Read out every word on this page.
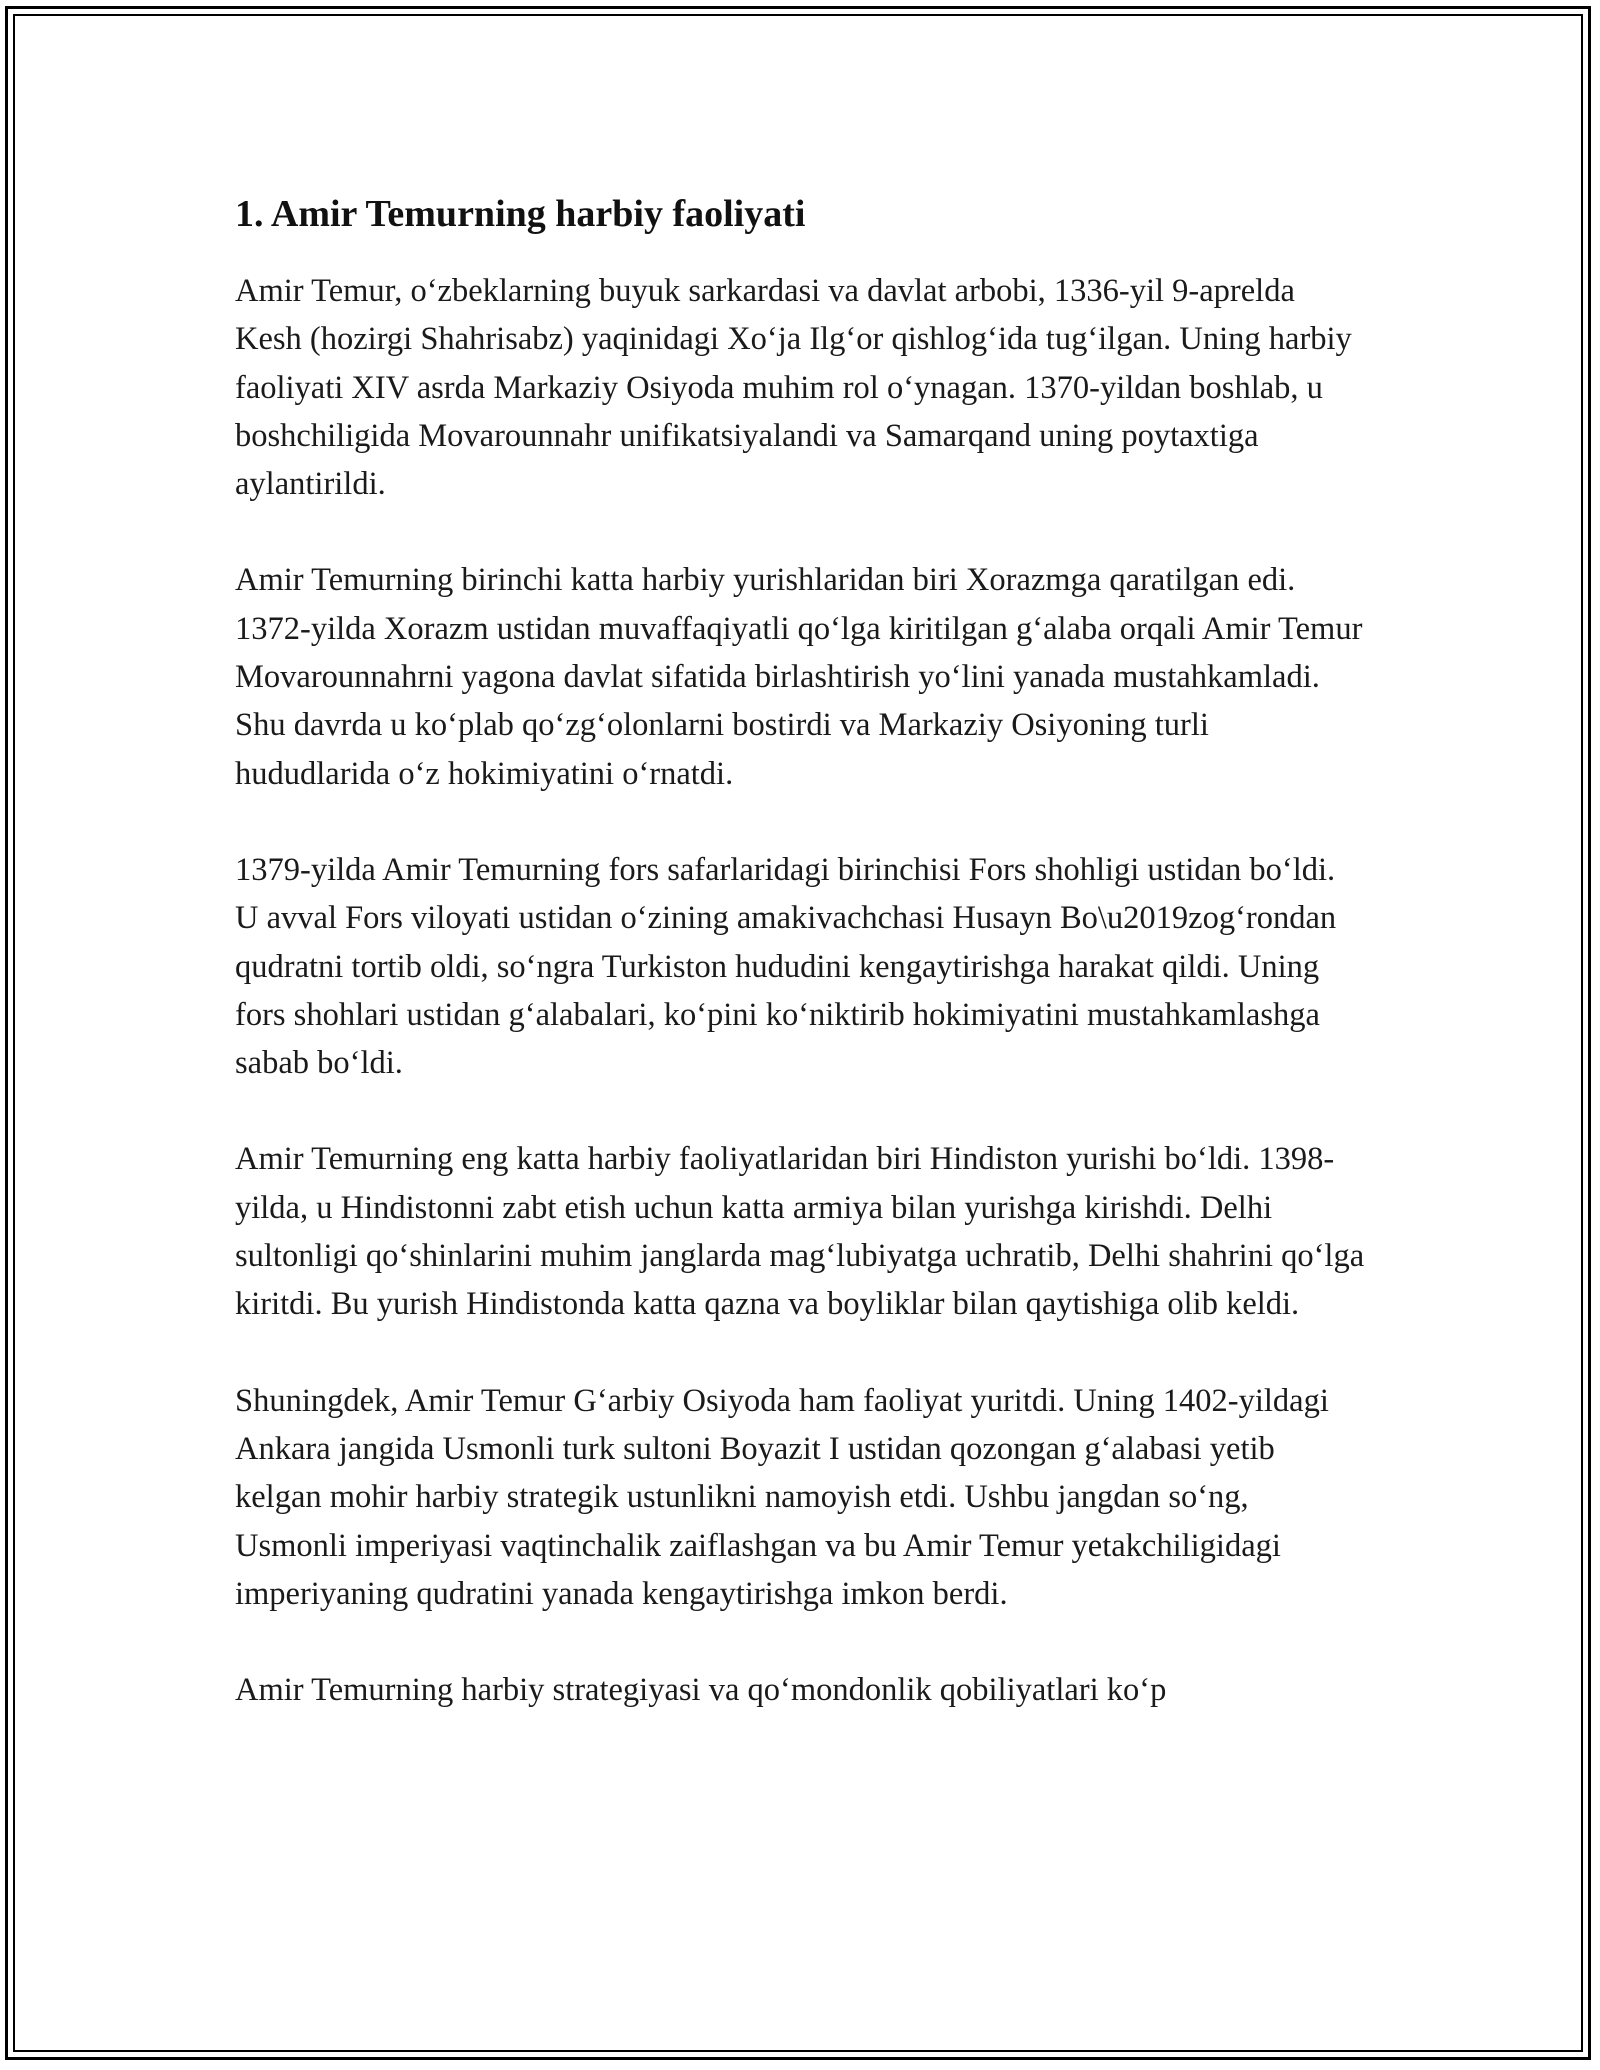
1. Amir Temurning harbiy faoliyati

Amir Temur, o‘zbeklarning buyuk sarkardasi va davlat arbobi, 1336-yil 9-aprelda Kesh (hozirgi Shahrisabz) yaqinidagi Xo‘ja Ilg‘or qishlog‘ida tug‘ilgan. Uning harbiy faoliyati XIV asrda Markaziy Osiyoda muhim rol o‘ynagan. 1370-yildan boshlab, u boshchiligida Movarounnahr unifikatsiyalandi va Samarqand uning poytaxtiga aylantirildi.

Amir Temurning birinchi katta harbiy yurishlaridan biri Xorazmga qaratilgan edi. 1372-yilda Xorazm ustidan muvaffaqiyatli qo‘lga kiritilgan g‘alaba orqali Amir Temur Movarounnahrni yagona davlat sifatida birlashtirish yo‘lini yanada mustahkamladi. Shu davrda u ko‘plab qo‘zg‘olonlarni bostirdi va Markaziy Osiyoning turli hududlarida o‘z hokimiyatini o‘rnatdi.

1379-yilda Amir Temurning fors safarlaridagi birinchisi Fors shohligi ustidan bo‘ldi. U avval Fors viloyati ustidan o‘zining amakivachchasi Husayn Bo\u2019zog‘rondan qudratni tortib oldi, so‘ngra Turkiston hududini kengaytirishga harakat qildi. Uning fors shohlari ustidan g‘alabalari, ko‘pini ko‘niktirib hokimiyatini mustahkamlashga sabab bo‘ldi.

Amir Temurning eng katta harbiy faoliyatlaridan biri Hindiston yurishi bo‘ldi. 1398-yilda, u Hindistonni zabt etish uchun katta armiya bilan yurishga kirishdi. Delhi sultonligi qo‘shinlarini muhim janglarda mag‘lubiyatga uchratib, Delhi shahrini qo‘lga kiritdi. Bu yurish Hindistonda katta qazna va boyliklar bilan qaytishiga olib keldi.

Shuningdek, Amir Temur G‘arbiy Osiyoda ham faoliyat yuritdi. Uning 1402-yildagi Ankara jangida Usmonli turk sultoni Boyazit I ustidan qozongan g‘alabasi yetib kelgan mohir harbiy strategik ustunlikni namoyish etdi. Ushbu jangdan so‘ng, Usmonli imperiyasi vaqtinchalik zaiflashgan va bu Amir Temur yetakchiligidagi imperiyaning qudratini yanada kengaytirishga imkon berdi.

Amir Temurning harbiy strategiyasi va qo‘mondonlik qobiliyatlari ko‘p
